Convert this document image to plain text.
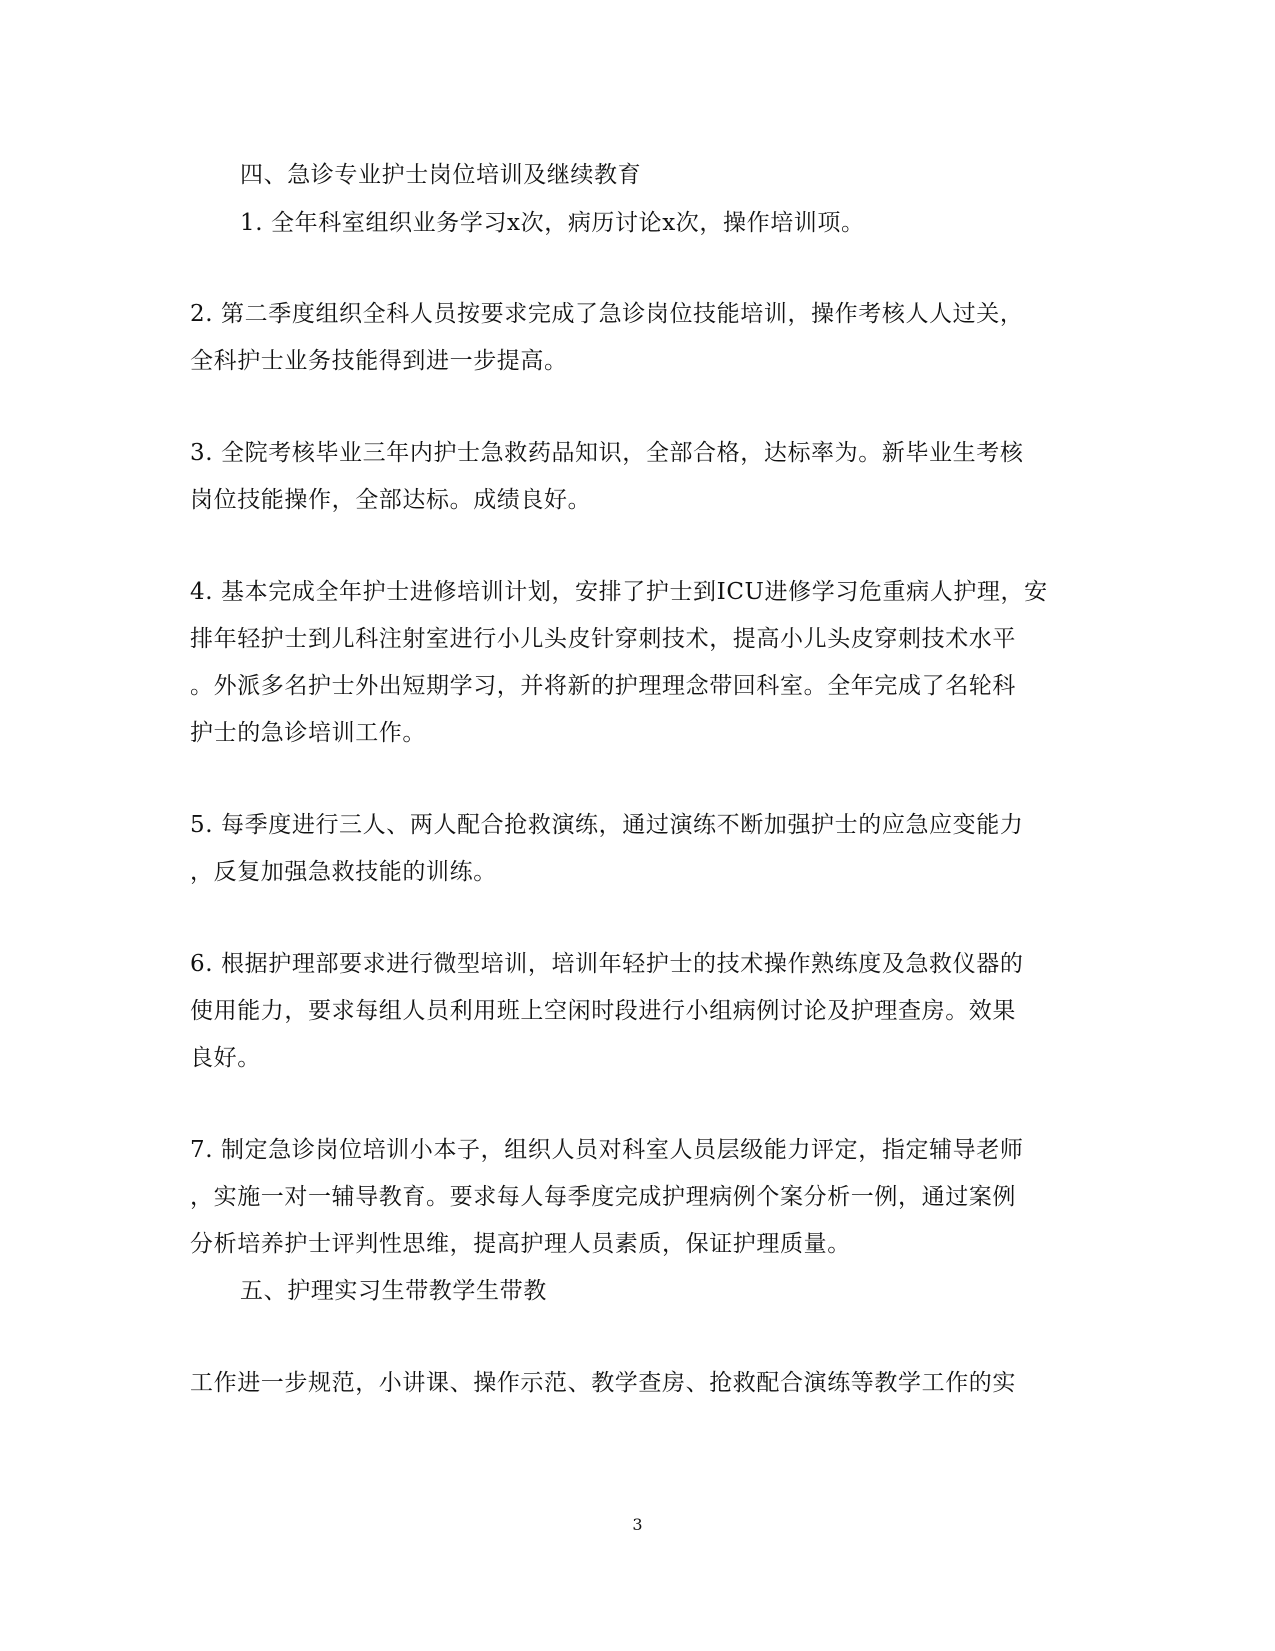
四、急诊专业护士岗位培训及继续教育
1. 全年科室组织业务学习x次，病历讨论x次，操作培训项。
2. 第二季度组织全科人员按要求完成了急诊岗位技能培训，操作考核人人过关，
全科护士业务技能得到进一步提高。
3. 全院考核毕业三年内护士急救药品知识，全部合格，达标率为。新毕业生考核
岗位技能操作，全部达标。成绩良好。
4. 基本完成全年护士进修培训计划，安排了护士到ICU进修学习危重病人护理，安
排年轻护士到儿科注射室进行小儿头皮针穿刺技术，提高小儿头皮穿刺技术水平
。外派多名护士外出短期学习，并将新的护理理念带回科室。全年完成了名轮科
护士的急诊培训工作。
5. 每季度进行三人、两人配合抢救演练，通过演练不断加强护士的应急应变能力
，反复加强急救技能的训练。
6. 根据护理部要求进行微型培训，培训年轻护士的技术操作熟练度及急救仪器的
使用能力，要求每组人员利用班上空闲时段进行小组病例讨论及护理查房。效果
良好。
7. 制定急诊岗位培训小本子，组织人员对科室人员层级能力评定，指定辅导老师
，实施一对一辅导教育。要求每人每季度完成护理病例个案分析一例，通过案例
分析培养护士评判性思维，提高护理人员素质，保证护理质量。
五、护理实习生带教学生带教
工作进一步规范，小讲课、操作示范、教学查房、抢救配合演练等教学工作的实
3
